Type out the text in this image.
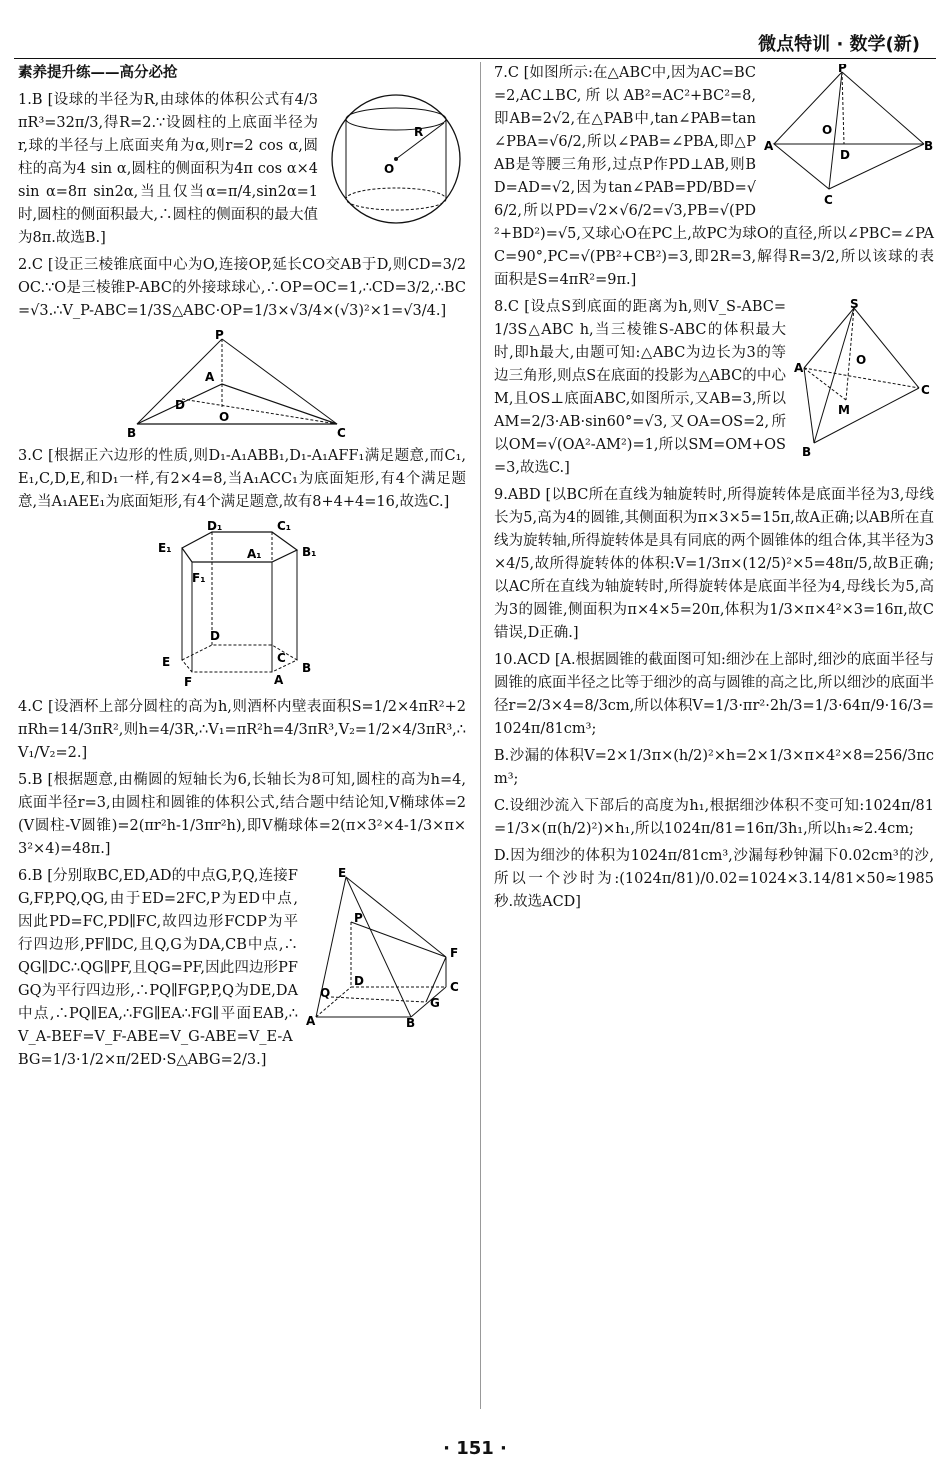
微点特训 · 数学(新)
素养提升练——高分必抢
R
O
1.B [设球的半径为R,由球体的体积公式有4/3πR³=32π/3,得R=2.∵设圆柱的上底面半径为r,球的半径与上底面夹角为α,则r=2 cos α,圆柱的高为4 sin α,圆柱的侧面积为4π cos α×4 sin α=8π sin2α,当且仅当α=π/4,sin2α=1时,圆柱的侧面积最大,∴圆柱的侧面积的最大值为8π.故选B.]
2.C [设正三棱锥底面中心为O,连接OP,延长CO交AB于D,则CD=3/2OC.∵O是三棱锥P-ABC的外接球球心,∴OP=OC=1,∴CD=3/2,∴BC=√3.∴V_P-ABC=1/3S△ABC·OP=1/3×√3/4×(√3)²×1=√3/4.]
P
A
D
O
B	C
3.C [根据正六边形的性质,则D₁-A₁ABB₁,D₁-A₁AFF₁满足题意,而C₁,E₁,C,D,E,和D₁一样,有2×4=8,当A₁ACC₁为底面矩形,有4个满足题意,当A₁AEE₁为底面矩形,有4个满足题意,故有8+4+4=16,故选C.]
D₁	C₁
E₁	A₁	B₁
F₁
D
E	C
B
A
F
4.C [设酒杯上部分圆柱的高为h,则酒杯内壁表面积S=1/2×4πR²+2πRh=14/3πR²,则h=4/3R,∴V₁=πR²h=4/3πR³,V₂=1/2×4/3πR³,∴V₁/V₂=2.]
5.B [根据题意,由椭圆的短轴长为6,长轴长为8可知,圆柱的高为h=4,底面半径r=3,由圆柱和圆锥的体积公式,结合题中结论知,V椭球体=2(V圆柱-V圆锥)=2(πr²h-1/3πr²h),即V椭球体=2(π×3²×4-1/3×π×3²×4)=48π.]
E
P
F
Q	C
D
G
A	B
6.B [分别取BC,ED,AD的中点G,P,Q,连接FG,FP,PQ,QG,由于ED=2FC,P为ED中点,因此PD=FC,PD∥FC,故四边形FCDP为平行四边形,PF∥DC,且Q,G为DA,CB中点,∴QG∥DC∴QG∥PF,且QG=PF,因此四边形PFGQ为平行四边形,∴PQ∥FGP,P,Q为DE,DA中点,∴PQ∥EA,∴FG∥EA∴FG∥平面EAB,∴V_A-BEF=V_F-ABE=V_G-ABE=V_E-ABG=1/3·1/2×π/2ED·S△ABG=2/3.]
P
O
A
D
B
C
7.C [如图所示:在△ABC中,因为AC=BC=2,AC⊥BC,所以AB²=AC²+BC²=8,即AB=2√2,在△PAB中,tan∠PAB=tan∠PBA=√6/2,所以∠PAB=∠PBA,即△PAB是等腰三角形,过点P作PD⊥AB,则BD=AD=√2,因为tan∠PAB=PD/BD=√6/2,所以PD=√2×√6/2=√3,PB=√(PD²+BD²)=√5,又球心O在PC上,故PC为球O的直径,所以∠PBC=∠PAC=90°,PC=√(PB²+CB²)=3,即2R=3,解得R=3/2,所以该球的表面积是S=4πR²=9π.]
S
A
O
C
M
B
8.C [设点S到底面的距离为h,则V_S-ABC=1/3S△ABC h,当三棱锥S-ABC的体积最大时,即h最大,由题可知:△ABC为边长为3的等边三角形,则点S在底面的投影为△ABC的中心M,且OS⊥底面ABC,如图所示,又AB=3,所以AM=2/3·AB·sin60°=√3,又OA=OS=2,所以OM=√(OA²-AM²)=1,所以SM=OM+OS=3,故选C.]
9.ABD [以BC所在直线为轴旋转时,所得旋转体是底面半径为3,母线长为5,高为4的圆锥,其侧面积为π×3×5=15π,故A正确;以AB所在直线为旋转轴,所得旋转体是具有同底的两个圆锥体的组合体,其半径为3×4/5,故所得旋转体的体积:V=1/3π×(12/5)²×5=48π/5,故B正确;以AC所在直线为轴旋转时,所得旋转体是底面半径为4,母线长为5,高为3的圆锥,侧面积为π×4×5=20π,体积为1/3×π×4²×3=16π,故C错误,D正确.]
10.ACD [A.根据圆锥的截面图可知:细沙在上部时,细沙的底面半径与圆锥的底面半径之比等于细沙的高与圆锥的高之比,所以细沙的底面半径r=2/3×4=8/3cm,所以体积V=1/3·πr²·2h/3=1/3·64π/9·16/3=1024π/81cm³;
B.沙漏的体积V=2×1/3π×(h/2)²×h=2×1/3×π×4²×8=256/3πcm³;
C.设细沙流入下部后的高度为h₁,根据细沙体积不变可知:1024π/81=1/3×(π(h/2)²)×h₁,所以1024π/81=16π/3h₁,所以h₁≈2.4cm;
D.因为细沙的体积为1024π/81cm³,沙漏每秒钟漏下0.02cm³的沙,所以一个沙时为:(1024π/81)/0.02=1024×3.14/81×50≈1985秒.故选ACD]
· 151 ·
